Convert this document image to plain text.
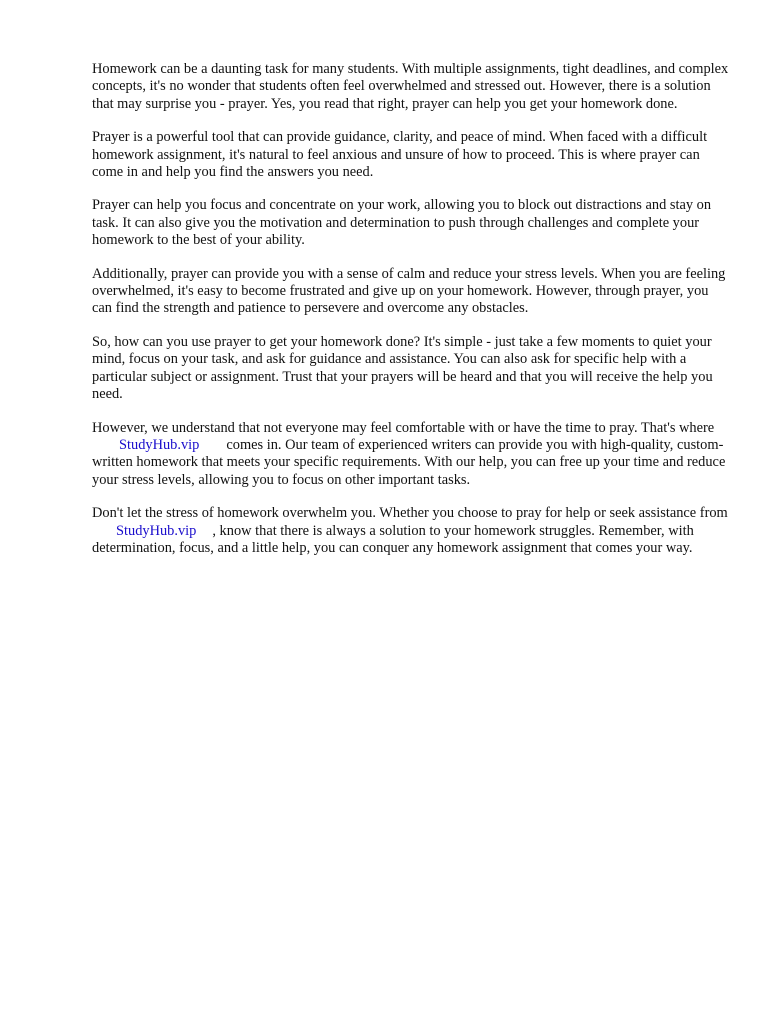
Homework can be a daunting task for many students. With multiple assignments, tight deadlines, and complex concepts, it's no wonder that students often feel overwhelmed and stressed out. However, there is a solution that may surprise you - prayer. Yes, you read that right, prayer can help you get your homework done.

Prayer is a powerful tool that can provide guidance, clarity, and peace of mind. When faced with a difficult homework assignment, it's natural to feel anxious and unsure of how to proceed. This is where prayer can come in and help you find the answers you need.

Prayer can help you focus and concentrate on your work, allowing you to block out distractions and stay on task. It can also give you the motivation and determination to push through challenges and complete your homework to the best of your ability.

Additionally, prayer can provide you with a sense of calm and reduce your stress levels. When you are feeling overwhelmed, it's easy to become frustrated and give up on your homework. However, through prayer, you can find the strength and patience to persevere and overcome any obstacles.

So, how can you use prayer to get your homework done? It's simple - just take a few moments to quiet your mind, focus on your task, and ask for guidance and assistance. You can also ask for specific help with a particular subject or assignment. Trust that your prayers will be heard and that you will receive the help you need.

However, we understand that not everyone may feel comfortable with or have the time to pray. That's whereStudyHub.vip comes in. Our team of experienced writers can provide you with high-quality, custom-written homework that meets your specific requirements. With our help, you can free up your time and reduce your stress levels, allowing you to focus on other important tasks.

Don't let the stress of homework overwhelm you. Whether you choose to pray for help or seek assistance fromStudyHub.vip , know that there is always a solution to your homework struggles. Remember, with determination, focus, and a little help, you can conquer any homework assignment that comes your way.
